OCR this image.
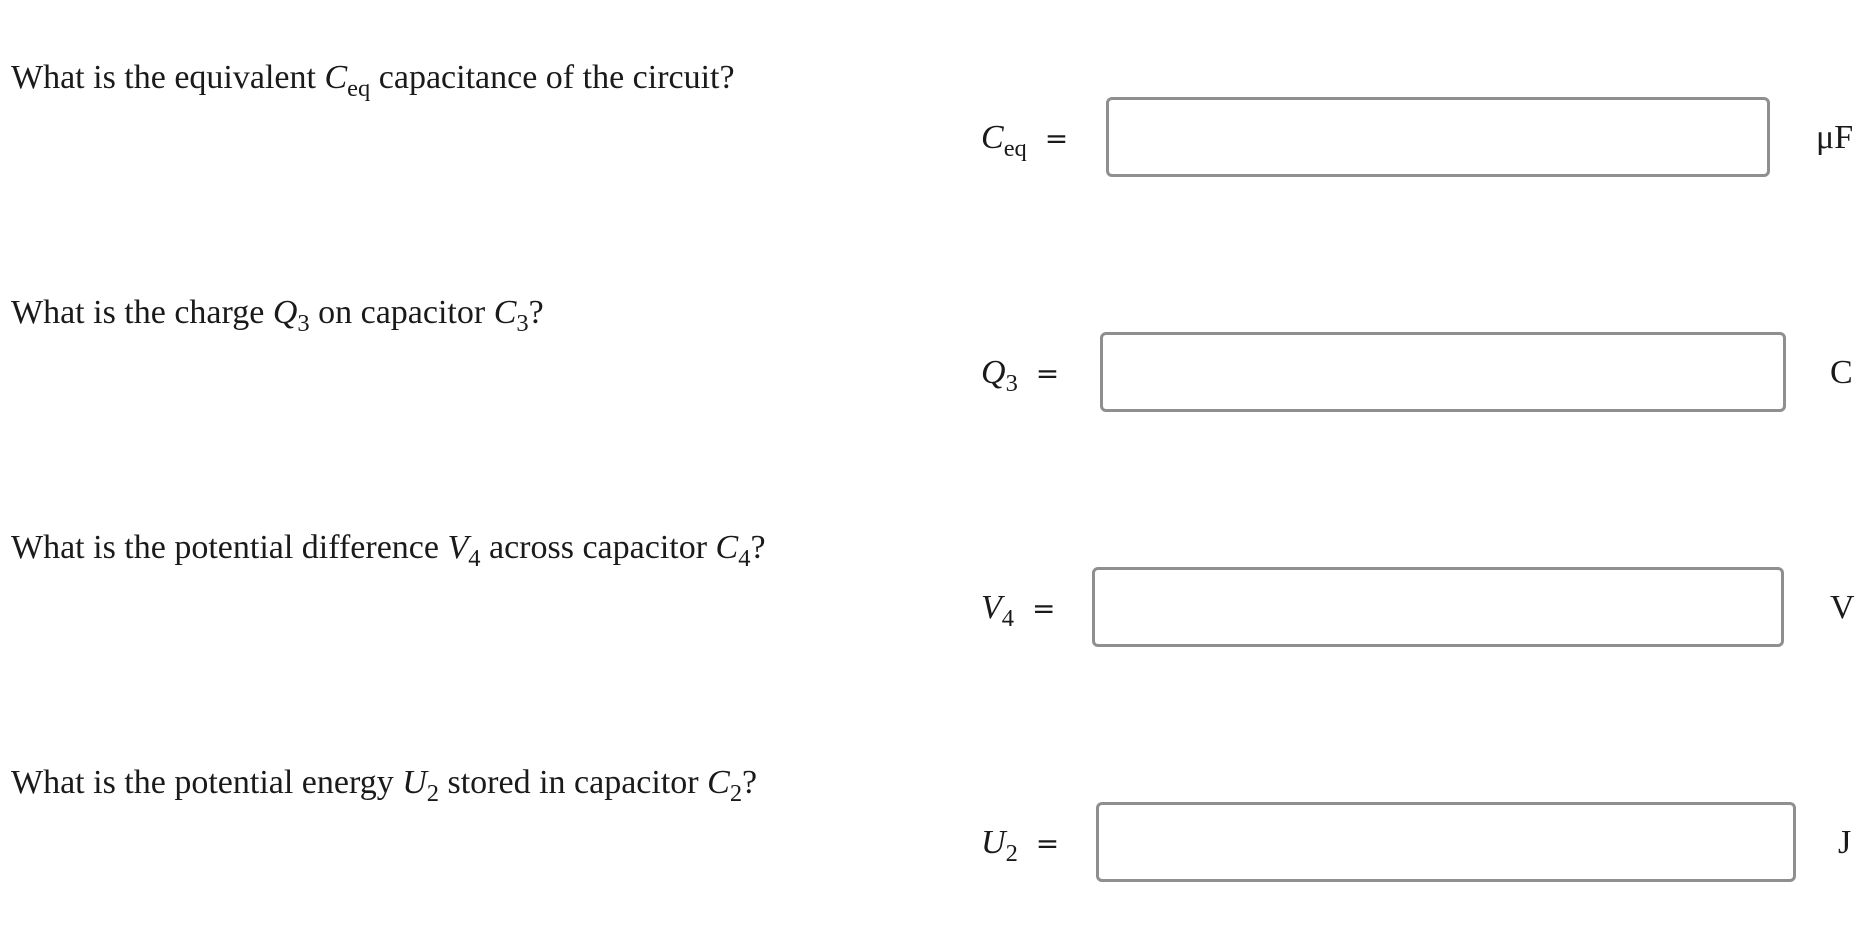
What is the equivalent $C_{eq}$ capacitance of the circuit?
$C_{eq}$ =	μF
What is the charge $Q_3$ on capacitor $C_3$?
$Q_3$ =	C
What is the potential difference $V_4$ across capacitor $C_4$?
$V_4$ =	V
What is the potential energy $U_2$ stored in capacitor $C_2$?
$U_2$ =	J
